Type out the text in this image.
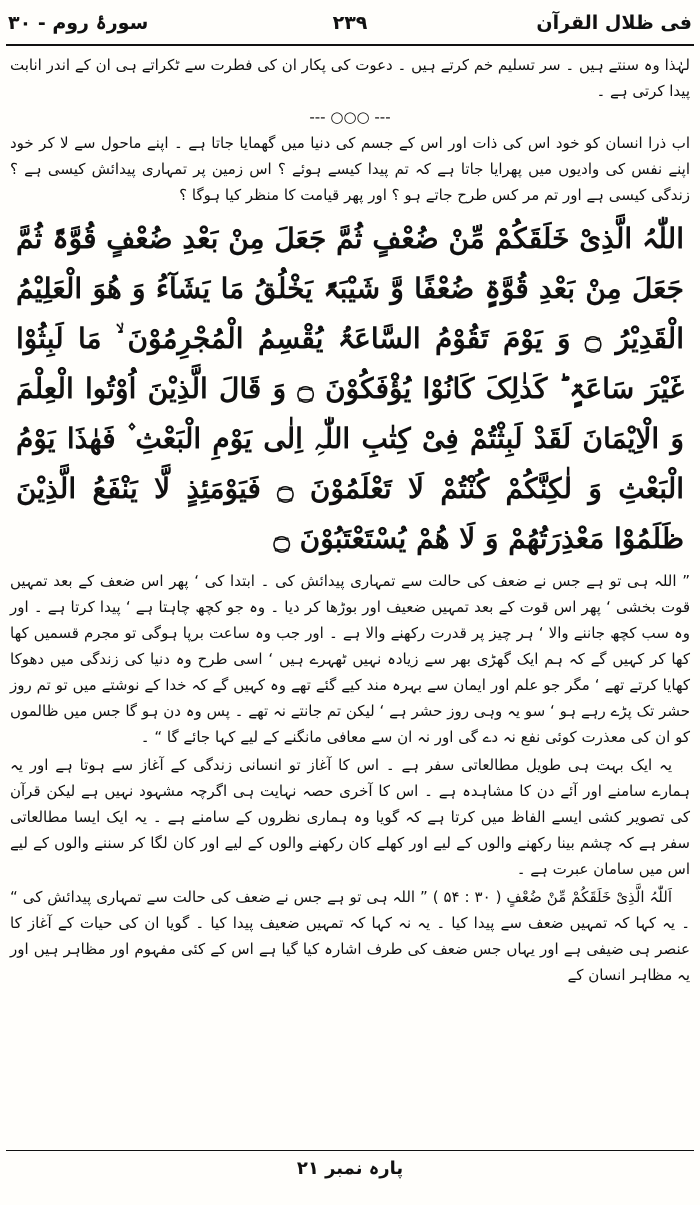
فی ظلال القرآن
۲۳۹
سورۂ روم - ۳۰

لہٰذا وہ سنتے ہیں ۔ سر تسلیم خم کرتے ہیں ۔ دعوت کی پکار ان کی فطرت سے ٹکراتے ہی ان کے اندر انابت پیدا کرتی ہے ۔

--- ○○○ ---

اب ذرا انسان کو خود اس کی ذات اور اس کے جسم کی دنیا میں گھمایا جاتا ہے ۔ اپنے ماحول سے لا کر خود اپنے نفس کی وادیوں میں پھرایا جاتا ہے کہ تم پیدا کیسے ہوئے ؟ اس زمین پر تمہاری پیدائش کیسی ہے ؟ زندگی کیسی ہے اور تم مر کس طرح جاتے ہو ؟ اور پھر قیامت کا منظر کیا ہوگا ؟

اللّٰہُ الَّذِیْ خَلَقَکُمْ مِّنْ ضُعْفٍ ثُمَّ جَعَلَ مِنْ بَعْدِ ضُعْفٍ قُوَّۃً ثُمَّ جَعَلَ مِنْ بَعْدِ قُوَّۃٍ ضُعْفًا وَّ شَیْبَۃً یَخْلُقُ مَا یَشَآءُ وَ ھُوَ الْعَلِیْمُ الْقَدِیْرُ ۝ وَ یَوْمَ تَقُوْمُ السَّاعَۃُ یُقْسِمُ الْمُجْرِمُوْنَ ۙ مَا لَبِثُوْا غَیْرَ سَاعَۃٍ ؕ کَذٰلِکَ کَانُوْا یُؤْفَکُوْنَ ۝ وَ قَالَ الَّذِیْنَ اُوْتُوا الْعِلْمَ وَ الْاِیْمَانَ لَقَدْ لَبِثْتُمْ فِیْ کِتٰبِ اللّٰہِ اِلٰی یَوْمِ الْبَعْثِ ۫ فَھٰذَا یَوْمُ الْبَعْثِ وَ لٰکِنَّکُمْ کُنْتُمْ لَا تَعْلَمُوْنَ ۝ فَیَوْمَئِذٍ لَّا یَنْفَعُ الَّذِیْنَ ظَلَمُوْا مَعْذِرَتُھُمْ وَ لَا ھُمْ یُسْتَعْتَبُوْنَ ۝

” اللہ ہی تو ہے جس نے ضعف کی حالت سے تمہاری پیدائش کی ۔ ابتدا کی ‘ پھر اس ضعف کے بعد تمہیں قوت بخشی ‘ پھر اس قوت کے بعد تمہیں ضعیف اور بوڑھا کر دیا ۔ وہ جو کچھ چاہتا ہے ‘ پیدا کرتا ہے ۔ اور وہ سب کچھ جاننے والا ‘ ہر چیز پر قدرت رکھنے والا ہے ۔ اور جب وہ ساعت برپا ہوگی تو مجرم قسمیں کھا کھا کر کہیں گے کہ ہم ایک گھڑی بھر سے زیادہ نہیں ٹھہرے ہیں ‘ اسی طرح وہ دنیا کی زندگی میں دھوکا کھایا کرتے تھے ‘ مگر جو علم اور ایمان سے بہرہ مند کیے گئے تھے وہ کہیں گے کہ خدا کے نوشتے میں تو تم روز حشر تک پڑے رہے ہو ‘ سو یہ وہی روز حشر ہے ‘ لیکن تم جانتے نہ تھے ۔ پس وہ دن ہو گا جس میں ظالموں کو ان کی معذرت کوئی نفع نہ دے گی اور نہ ان سے معافی مانگنے کے لیے کہا جائے گا “ ۔

یہ ایک بہت ہی طویل مطالعاتی سفر ہے ۔ اس کا آغاز تو انسانی زندگی کے آغاز سے ہوتا ہے اور یہ ہمارے سامنے اور آئے دن کا مشاہدہ ہے ۔ اس کا آخری حصہ نہایت ہی اگرچہ مشہود نہیں ہے لیکن قرآن کی تصویر کشی ایسے الفاظ میں کرتا ہے کہ گویا وہ ہماری نظروں کے سامنے ہے ۔ یہ ایک ایسا مطالعاتی سفر ہے کہ چشم بینا رکھنے والوں کے لیے اور کھلے کان رکھنے والوں کے لیے اور کان لگا کر سننے والوں کے لیے اس میں سامان عبرت ہے ۔

اَللّٰہُ الَّذِیْ خَلَقَکُمْ مِّنْ ضُعْفٍ ( ۳۰ : ۵۴ ) ” اللہ ہی تو ہے جس نے ضعف کی حالت سے تمہاری پیدائش کی “ ۔ یہ کہا کہ تمہیں ضعف سے پیدا کیا ۔ یہ نہ کہا کہ تمہیں ضعیف پیدا کیا ۔ گویا ان کی حیات کے آغاز کا عنصر ہی ضیفی ہے اور یہاں جس ضعف کی طرف اشارہ کیا گیا ہے اس کے کئی مفہوم اور مظاہر ہیں اور یہ مظاہر انسان کے

پارہ نمبر ۲۱
